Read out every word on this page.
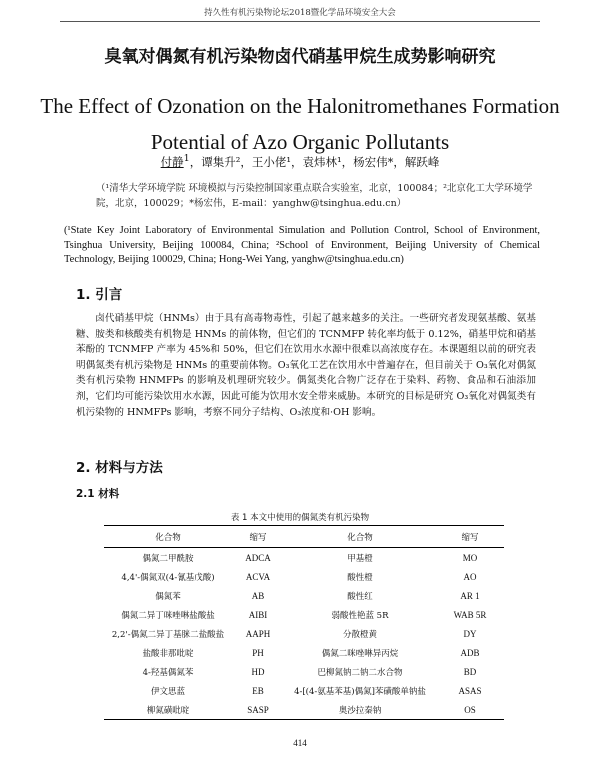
持久性有机污染物论坛2018暨化学品环境安全大会
臭氧对偶氮有机污染物卤代硝基甲烷生成势影响研究
The Effect of Ozonation on the Halonitromethanes Formation Potential of Azo Organic Pollutants
付静$^1$，谭集升²，王小佬¹，袁炜林¹，杨宏伟*，解跃峰
（¹清华大学环境学院 环境模拟与污染控制国家重点联合实验室，北京，100084；²北京化工大学环境学院，北京，100029；*杨宏伟，E-mail：yanghw@tsinghua.edu.cn）
(¹State Key Joint Laboratory of Environmental Simulation and Pollution Control, School of Environment, Tsinghua University, Beijing 100084, China; ²School of Environment, Beijing University of Chemical Technology, Beijing 100029, China; Hong-Wei Yang, yanghw@tsinghua.edu.cn)
1. 引言
卤代硝基甲烷（HNMs）由于具有高毒物毒性，引起了越来越多的关注。一些研究者发现氨基酸、氨基糖、胺类和核酸类有机物是 HNMs 的前体物，但它们的 TCNMFP 转化率均低于 0.12%，硝基甲烷和硝基苯酚的 TCNMFP 产率为 45%和 50%，但它们在饮用水水源中很难以高浓度存在。本课题组以前的研究表明偶氮类有机污染物是 HNMs 的重要前体物。O₃氧化工艺在饮用水中普遍存在，但目前关于 O₃氧化对偶氮类有机污染物 HNMFPs 的影响及机理研究较少。偶氮类化合物广泛存在于染料、药物、食品和石油添加剂，它们均可能污染饮用水水源，因此可能为饮用水安全带来威胁。本研究的目标是研究 O₃氧化对偶氮类有机污染物的 HNMFPs 影响，考察不同分子结构、O₃浓度和·OH 影响。
2. 材料与方法
2.1 材料
表 1 本文中使用的偶氮类有机污染物
化合物	缩写	化合物	缩写
偶氮二甲酰胺	ADCA	甲基橙	MO
4,4'-偶氮双(4-氰基戊酸)	ACVA	酸性橙	AO
偶氮苯	AB	酸性红	AR 1
偶氮二异丁咪唑啉盐酸盐	AIBI	弱酸性艳蓝 5R	WAB 5R
2,2'-偶氮二异丁基脒二盐酸盐	AAPH	分散橙黄	DY
盐酸非那吡啶	PH	偶氮二咪唑啉异丙烷	ADB
4-羟基偶氮苯	HD	巴柳氮钠二钠二水合物	BD
伊文思蓝	EB	4-[(4-氨基苯基)偶氮]苯磺酸单钠盐	ASAS
柳氮磺吡啶	SASP	奥沙拉秦钠	OS
414
